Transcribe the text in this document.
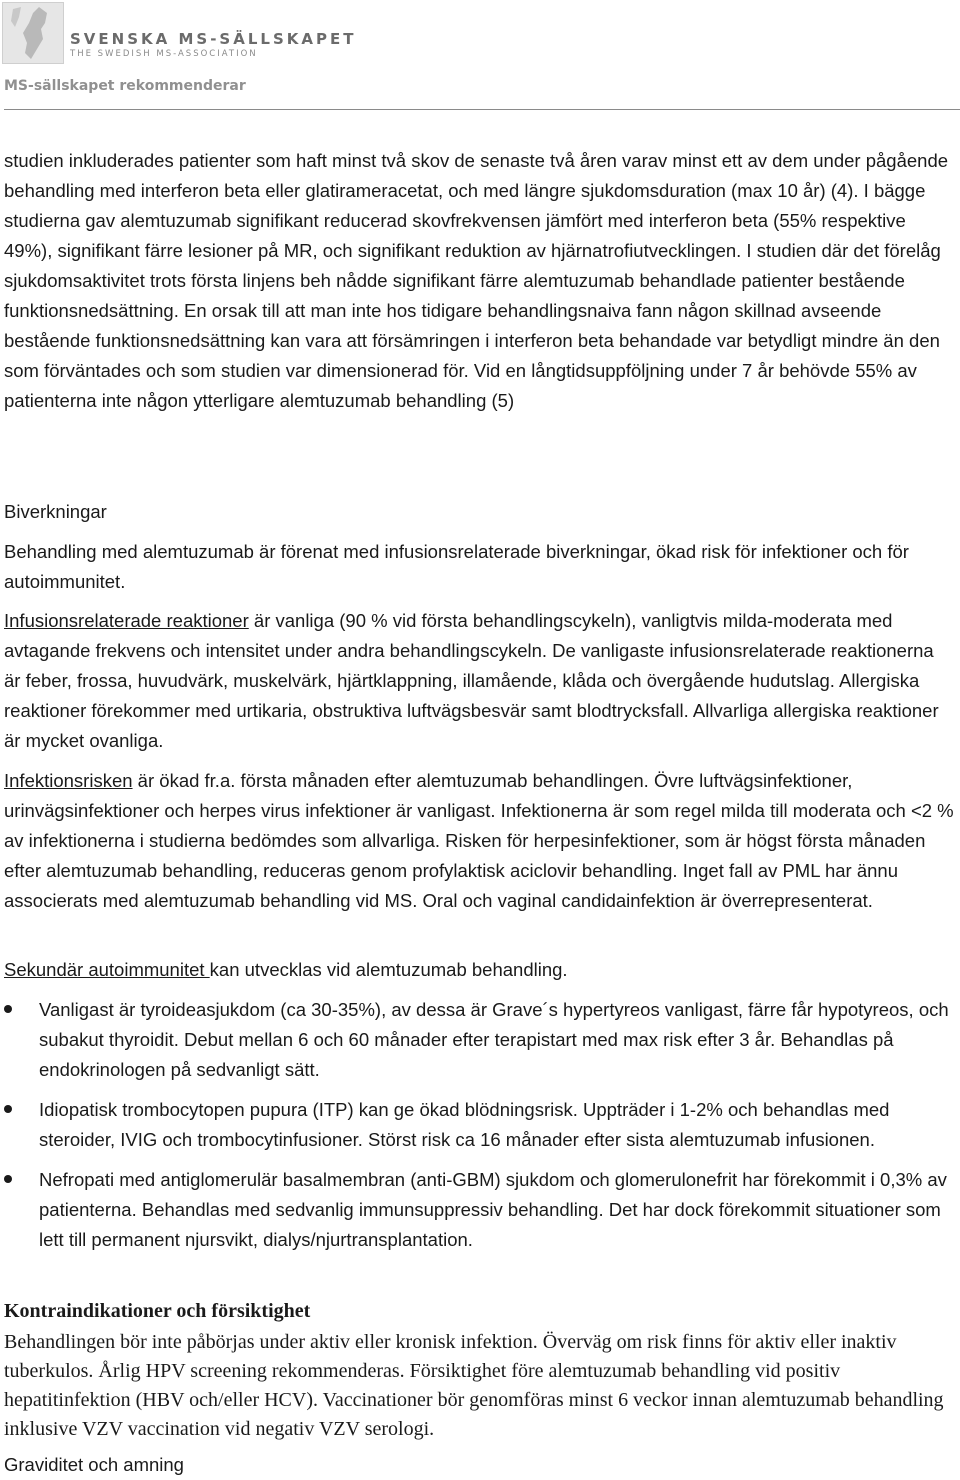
SVENSKA MS-SÄLLSKAPET
THE SWEDISH MS-ASSOCIATION
MS-sällskapet rekommenderar

studien inkluderades patienter som haft minst två skov de senaste två åren varav minst ett av dem under pågående behandling med interferon beta eller glatirameracetat, och med längre sjukdomsduration (max 10 år) (4). I bägge studierna gav alemtuzumab signifikant reducerad skovfrekvensen jämfört med interferon beta (55% respektive 49%), signifikant färre lesioner på MR, och signifikant reduktion av hjärnatrofiutvecklingen. I studien där det förelåg sjukdomsaktivitet trots första linjens beh nådde signifikant färre alemtuzumab behandlade patienter bestående funktionsnedsättning. En orsak till att man inte hos tidigare behandlingsnaiva fann någon skillnad avseende bestående funktionsnedsättning kan vara att försämringen i interferon beta behandade var betydligt mindre än den som förväntades och som studien var dimensionerad för. Vid en långtidsuppföljning under 7 år behövde 55% av patienterna inte någon ytterligare alemtuzumab behandling (5)

Biverkningar

Behandling med alemtuzumab är förenat med infusionsrelaterade biverkningar, ökad risk för infektioner och för autoimmunitet.

Infusionsrelaterade reaktioner är vanliga (90 % vid första behandlingscykeln), vanligtvis milda-moderata med avtagande frekvens och intensitet under andra behandlingscykeln. De vanligaste infusionsrelaterade reaktionerna är feber, frossa, huvudvärk, muskelvärk, hjärtklappning, illamående, klåda och övergående hudutslag. Allergiska reaktioner förekommer med urtikaria, obstruktiva luftvägsbesvär samt blodtrycksfall. Allvarliga allergiska reaktioner är mycket ovanliga.

Infektionsrisken är ökad fr.a. första månaden efter alemtuzumab behandlingen. Övre luftvägsinfektioner, urinvägsinfektioner och herpes virus infektioner är vanligast. Infektionerna är som regel milda till moderata och <2 % av infektionerna i studierna bedömdes som allvarliga. Risken för herpesinfektioner, som är högst första månaden efter alemtuzumab behandling, reduceras genom profylaktisk aciclovir behandling. Inget fall av PML har ännu associerats med alemtuzumab behandling vid MS. Oral och vaginal candidainfektion är överrepresenterat.

Sekundär autoimmunitet kan utvecklas vid alemtuzumab behandling.

Vanligast är tyroideasjukdom (ca 30-35%), av dessa är Grave´s hypertyreos vanligast, färre får hypotyreos, och subakut thyroidit. Debut mellan 6 och 60 månader efter terapistart med max risk efter 3 år. Behandlas på endokrinologen på sedvanligt sätt.
Idiopatisk trombocytopen pupura (ITP) kan ge ökad blödningsrisk. Uppträder i 1-2% och behandlas med steroider, IVIG och trombocytinfusioner. Störst risk ca 16 månader efter sista alemtuzumab infusionen.
Nefropati med antiglomerulär basalmembran (anti-GBM) sjukdom och glomerulonefrit har förekommit i 0,3% av patienterna. Behandlas med sedvanlig immunsuppressiv behandling. Det har dock förekommit situationer som lett till permanent njursvikt, dialys/njurtransplantation.

Kontraindikationer och försiktighet

Behandlingen bör inte påbörjas under aktiv eller kronisk infektion. Överväg om risk finns för aktiv eller inaktiv tuberkulos. Årlig HPV screening rekommenderas. Försiktighet före alemtuzumab behandling vid positiv hepatitinfektion (HBV och/eller HCV). Vaccinationer bör genomföras minst 6 veckor innan alemtuzumab behandling inklusive VZV vaccination vid negativ VZV serologi.

Graviditet och amning
